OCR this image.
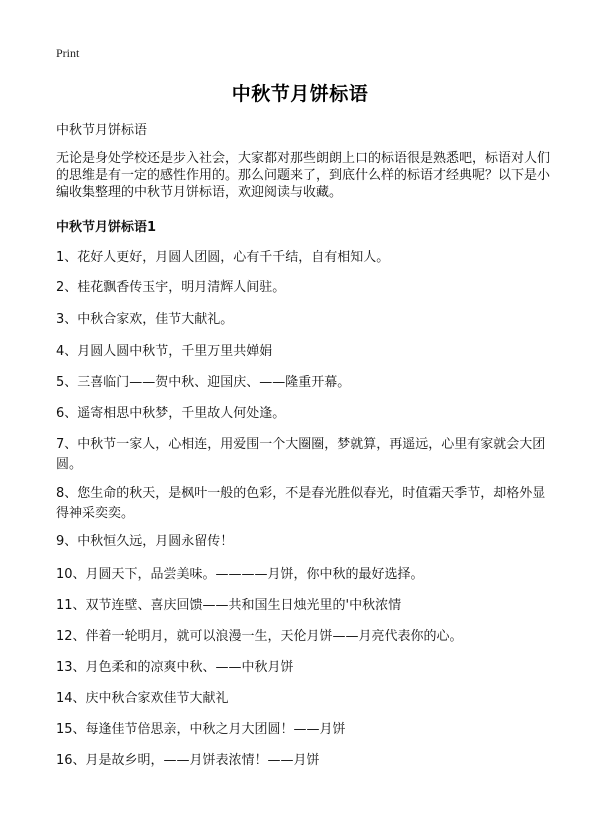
Print
中秋节月饼标语
中秋节月饼标语
无论是身处学校还是步入社会，大家都对那些朗朗上口的标语很是熟悉吧，标语对人们的思维是有一定的感性作用的。那么问题来了，到底什么样的标语才经典呢？以下是小编收集整理的中秋节月饼标语，欢迎阅读与收藏。
中秋节月饼标语1
1、花好人更好，月圆人团圆，心有千千结，自有相知人。
2、桂花飘香传玉宇，明月清辉人间驻。
3、中秋合家欢，佳节大献礼。
4、月圆人圆中秋节，千里万里共婵娟
5、三喜临门——贺中秋、迎国庆、——隆重开幕。
6、遥寄相思中秋梦，千里故人何处逢。
7、中秋节一家人，心相连，用爱围一个大圈圈，梦就算，再遥远，心里有家就会大团圆。
8、您生命的秋天，是枫叶一般的色彩，不是春光胜似春光，时值霜天季节，却格外显得神采奕奕。
9、中秋恒久远，月圆永留传！
10、月圆天下，品尝美味。————月饼，你中秋的最好选择。
11、双节连壁、喜庆回馈——共和国生日烛光里的'中秋浓情
12、伴着一轮明月，就可以浪漫一生，天伦月饼——月亮代表你的心。
13、月色柔和的凉爽中秋、——中秋月饼
14、庆中秋合家欢佳节大献礼
15、每逢佳节倍思亲，中秋之月大团圆！——月饼
16、月是故乡明，——月饼表浓情！——月饼
